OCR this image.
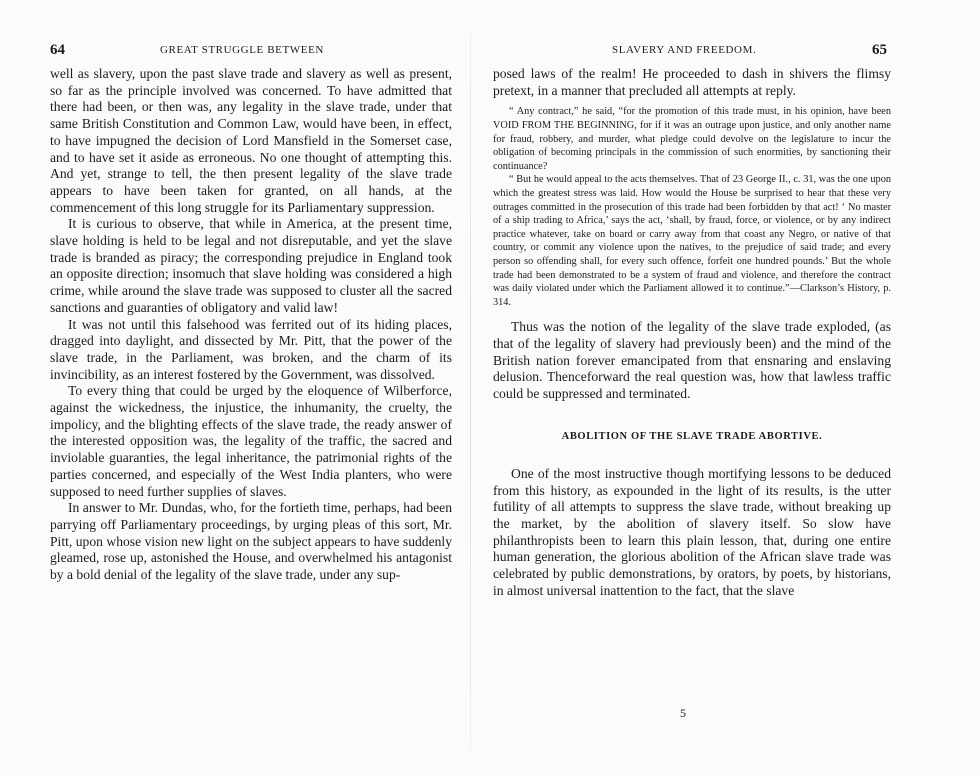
64	GREAT STRUGGLE BETWEEN

well as slavery, upon the past slave trade and slavery as well as present, so far as the principle involved was concerned. To have admitted that there had been, or then was, any legality in the slave trade, under that same British Constitution and Common Law, would have been, in effect, to have impugned the decision of Lord Mansfield in the Somerset case, and to have set it aside as erroneous. No one thought of attempting this. And yet, strange to tell, the then present legality of the slave trade appears to have been taken for granted, on all hands, at the commencement of this long struggle for its Parliamentary suppression.

It is curious to observe, that while in America, at the present time, slave holding is held to be legal and not disreputable, and yet the slave trade is branded as piracy; the corresponding prejudice in England took an opposite direction; insomuch that slave holding was considered a high crime, while around the slave trade was supposed to cluster all the sacred sanctions and guaranties of obligatory and valid law!

It was not until this falsehood was ferrited out of its hiding places, dragged into daylight, and dissected by Mr. Pitt, that the power of the slave trade, in the Parliament, was broken, and the charm of its invincibility, as an interest fostered by the Government, was dissolved.

To every thing that could be urged by the eloquence of Wilberforce, against the wickedness, the injustice, the inhumanity, the cruelty, the impolicy, and the blighting effects of the slave trade, the ready answer of the interested opposition was, the legality of the traffic, the sacred and inviolable guaranties, the legal inheritance, the patrimonial rights of the parties concerned, and especially of the West India planters, who were supposed to need further supplies of slaves.

In answer to Mr. Dundas, who, for the fortieth time, perhaps, had been parrying off Parliamentary proceedings, by urging pleas of this sort, Mr. Pitt, upon whose vision new light on the subject appears to have suddenly gleamed, rose up, astonished the House, and overwhelmed his antagonist by a bold denial of the legality of the slave trade, under any sup-

SLAVERY AND FREEDOM.	65

posed laws of the realm! He proceeded to dash in shivers the flimsy pretext, in a manner that precluded all attempts at reply.

“ Any contract,” he said, “for the promotion of this trade must, in his opinion, have been VOID FROM THE BEGINNING, for if it was an outrage upon justice, and only another name for fraud, robbery, and murder, what pledge could devolve on the legislature to incur the obligation of becoming principals in the commission of such enormities, by sanctioning their continuance?

“ But he would appeal to the acts themselves. That of 23 George II., c. 31, was the one upon which the greatest stress was laid. How would the House be surprised to hear that these very outrages committed in the prosecution of this trade had been forbidden by that act! ‘ No master of a ship trading to Africa,’ says the act, ‘shall, by fraud, force, or violence, or by any indirect practice whatever, take on board or carry away from that coast any Negro, or native of that country, or commit any violence upon the natives, to the prejudice of said trade; and every person so offending shall, for every such offence, forfeit one hundred pounds.’ But the whole trade had been demonstrated to be a system of fraud and violence, and therefore the contract was daily violated under which the Parliament allowed it to continue.”—Clarkson’s History, p. 314.

Thus was the notion of the legality of the slave trade exploded, (as that of the legality of slavery had previously been) and the mind of the British nation forever emancipated from that ensnaring and enslaving delusion. Thenceforward the real question was, how that lawless traffic could be suppressed and terminated.

ABOLITION OF THE SLAVE TRADE ABORTIVE.

One of the most instructive though mortifying lessons to be deduced from this history, as expounded in the light of its results, is the utter futility of all attempts to suppress the slave trade, without breaking up the market, by the abolition of slavery itself. So slow have philanthropists been to learn this plain lesson, that, during one entire human generation, the glorious abolition of the African slave trade was celebrated by public demonstrations, by orators, by poets, by historians, in almost universal inattention to the fact, that the slave

5
